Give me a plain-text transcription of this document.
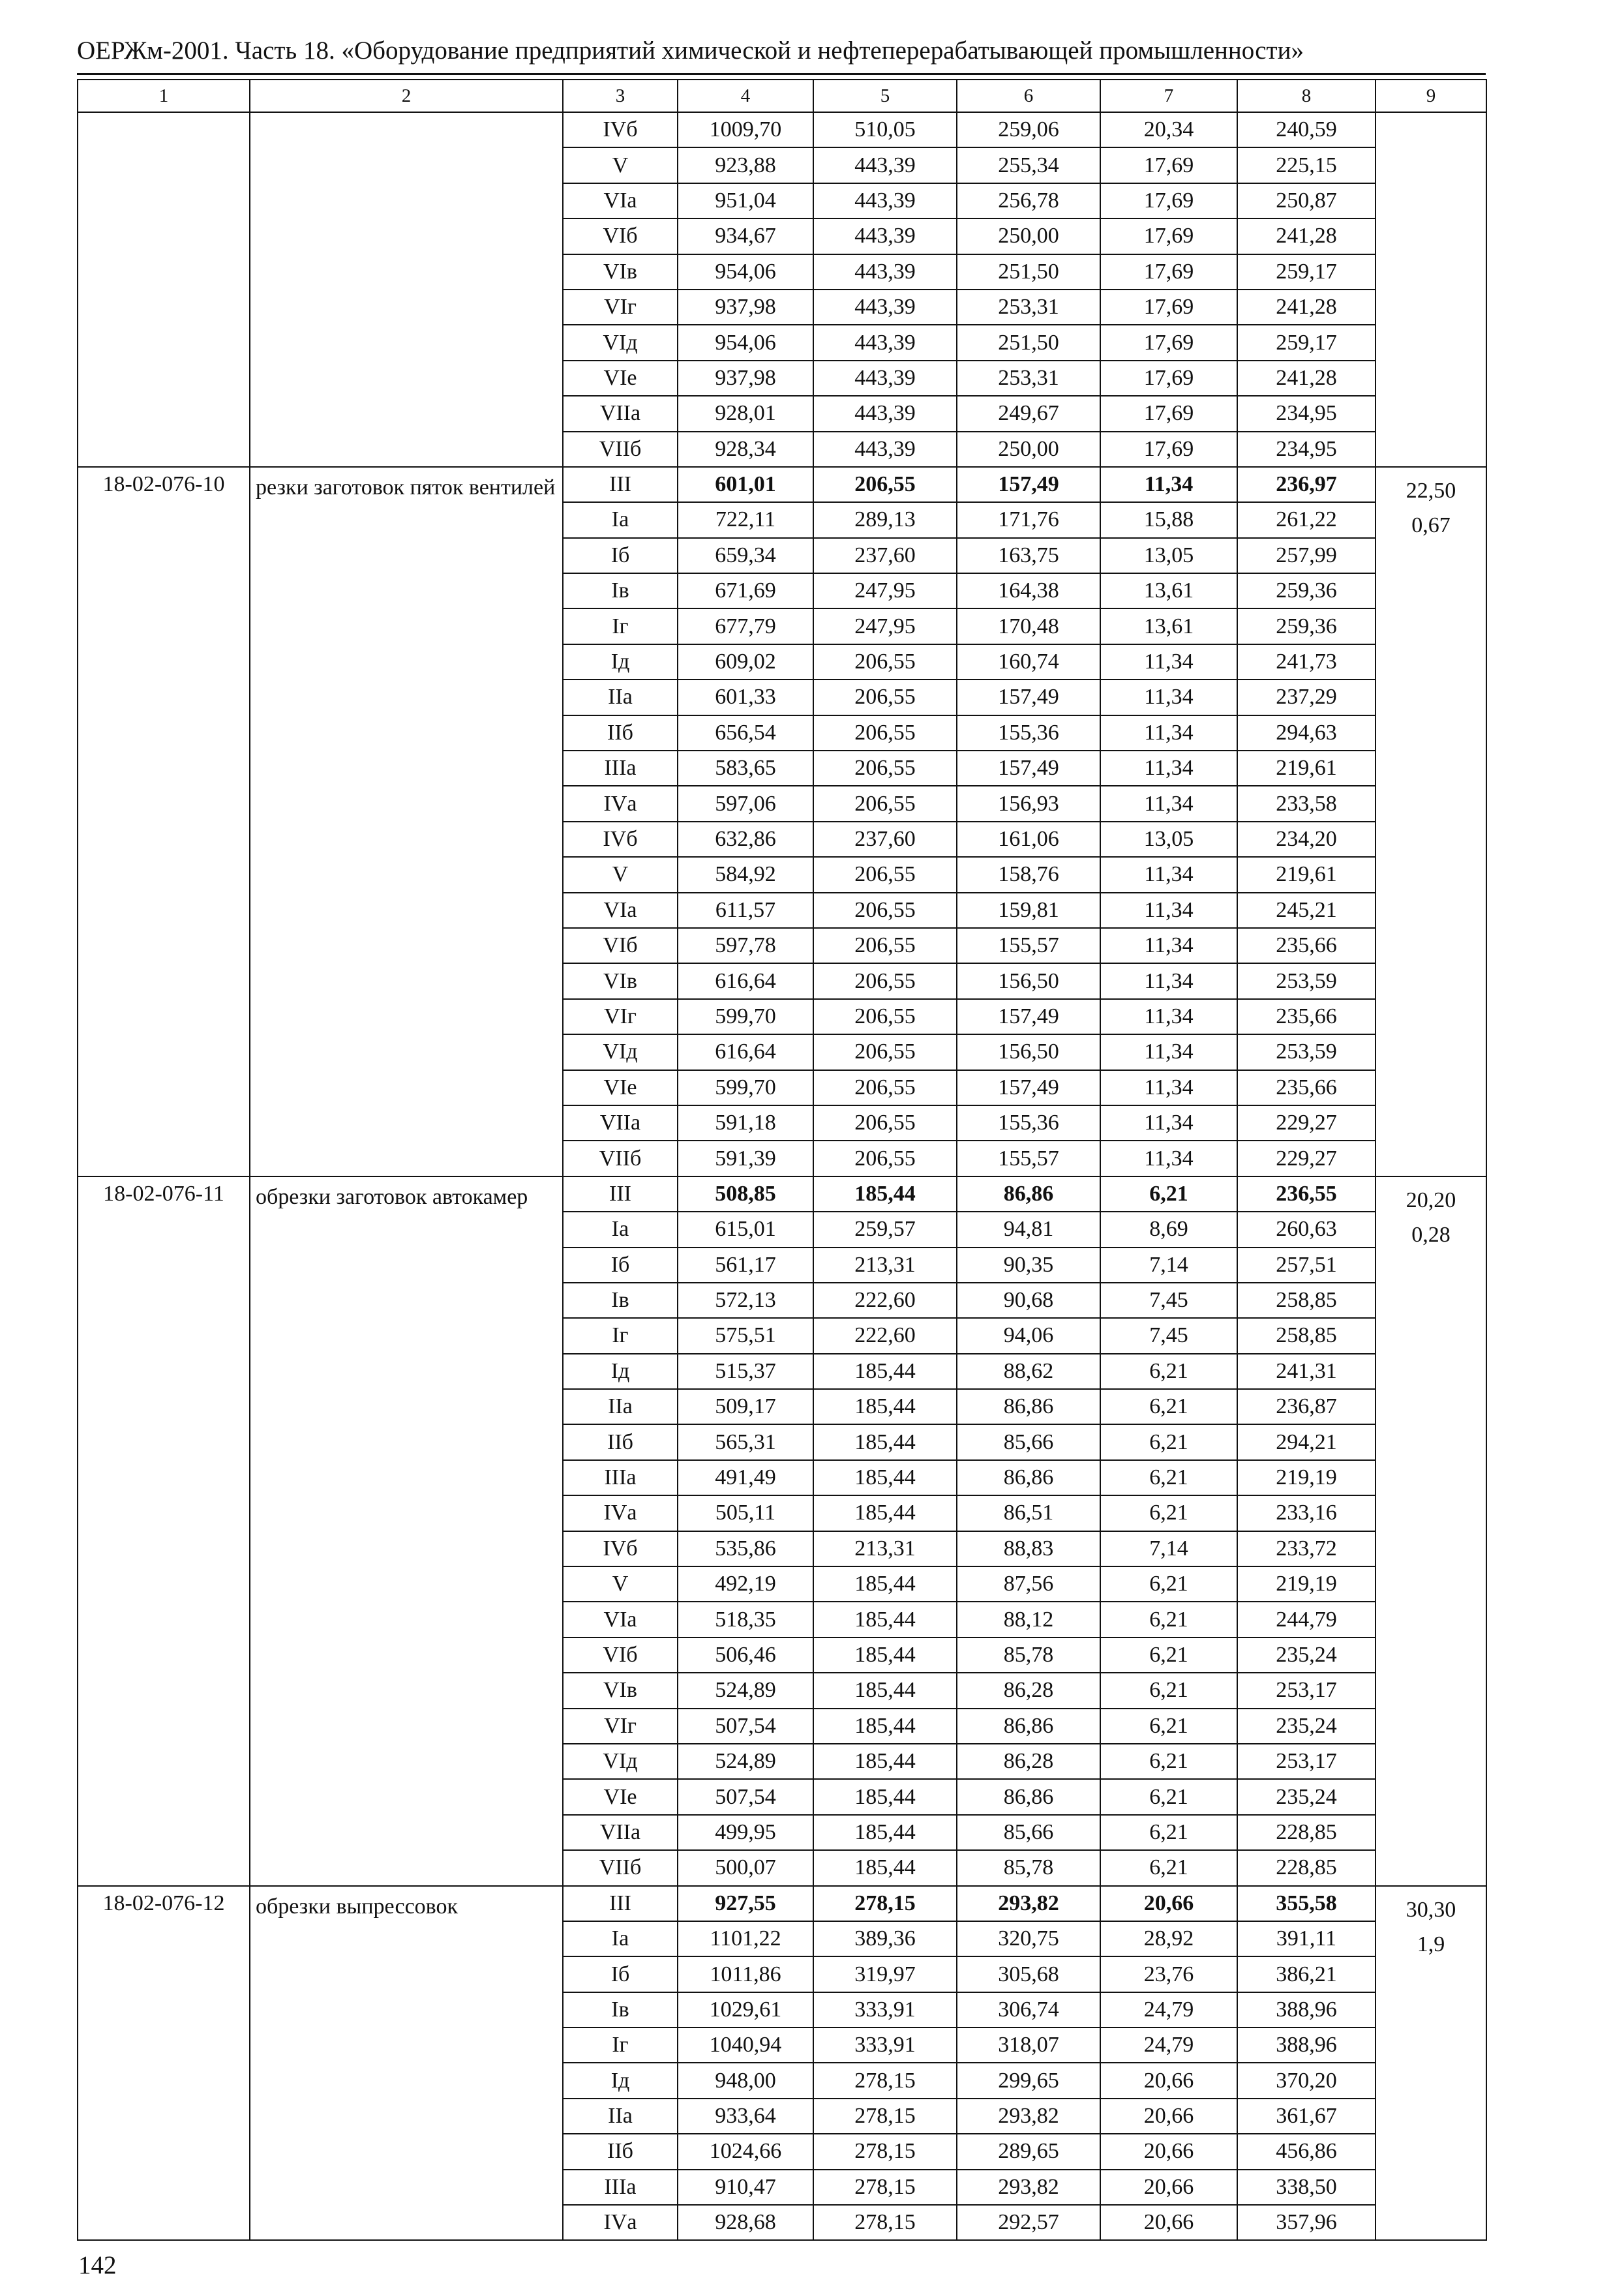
ОЕРЖм-2001. Часть 18. «Оборудование предприятий химической и нефтеперерабатывающей промышленности»
1	2	3	4	5	6	7	8	9
		IVб	1009,70	510,05	259,06	20,34	240,59	
		V	923,88	443,39	255,34	17,69	225,15	
		VIа	951,04	443,39	256,78	17,69	250,87	
		VIб	934,67	443,39	250,00	17,69	241,28	
		VIв	954,06	443,39	251,50	17,69	259,17	
		VIг	937,98	443,39	253,31	17,69	241,28	
		VIд	954,06	443,39	251,50	17,69	259,17	
		VIе	937,98	443,39	253,31	17,69	241,28	
		VIIа	928,01	443,39	249,67	17,69	234,95	
		VIIб	928,34	443,39	250,00	17,69	234,95	
18-02-076-10	резки заготовок пяток вентилей	III	601,01	206,55	157,49	11,34	236,97	22,50
0,67

		Iа	722,11	289,13	171,76	15,88	261,22	
		Iб	659,34	237,60	163,75	13,05	257,99	
		Iв	671,69	247,95	164,38	13,61	259,36	
		Iг	677,79	247,95	170,48	13,61	259,36	
		Iд	609,02	206,55	160,74	11,34	241,73	
		IIа	601,33	206,55	157,49	11,34	237,29	
		IIб	656,54	206,55	155,36	11,34	294,63	
		IIIа	583,65	206,55	157,49	11,34	219,61	
		IVа	597,06	206,55	156,93	11,34	233,58	
		IVб	632,86	237,60	161,06	13,05	234,20	
		V	584,92	206,55	158,76	11,34	219,61	
		VIа	611,57	206,55	159,81	11,34	245,21	
		VIб	597,78	206,55	155,57	11,34	235,66	
		VIв	616,64	206,55	156,50	11,34	253,59	
		VIг	599,70	206,55	157,49	11,34	235,66	
		VIд	616,64	206,55	156,50	11,34	253,59	
		VIе	599,70	206,55	157,49	11,34	235,66	
		VIIа	591,18	206,55	155,36	11,34	229,27	
		VIIб	591,39	206,55	155,57	11,34	229,27	
18-02-076-11	обрезки заготовок автокамер	III	508,85	185,44	86,86	6,21	236,55	20,20
0,28

		Iа	615,01	259,57	94,81	8,69	260,63	
		Iб	561,17	213,31	90,35	7,14	257,51	
		Iв	572,13	222,60	90,68	7,45	258,85	
		Iг	575,51	222,60	94,06	7,45	258,85	
		Iд	515,37	185,44	88,62	6,21	241,31	
		IIа	509,17	185,44	86,86	6,21	236,87	
		IIб	565,31	185,44	85,66	6,21	294,21	
		IIIа	491,49	185,44	86,86	6,21	219,19	
		IVа	505,11	185,44	86,51	6,21	233,16	
		IVб	535,86	213,31	88,83	7,14	233,72	
		V	492,19	185,44	87,56	6,21	219,19	
		VIа	518,35	185,44	88,12	6,21	244,79	
		VIб	506,46	185,44	85,78	6,21	235,24	
		VIв	524,89	185,44	86,28	6,21	253,17	
		VIг	507,54	185,44	86,86	6,21	235,24	
		VIд	524,89	185,44	86,28	6,21	253,17	
		VIе	507,54	185,44	86,86	6,21	235,24	
		VIIа	499,95	185,44	85,66	6,21	228,85	
		VIIб	500,07	185,44	85,78	6,21	228,85	
18-02-076-12	обрезки выпрессовок	III	927,55	278,15	293,82	20,66	355,58	30,30
1,9

		Iа	1101,22	389,36	320,75	28,92	391,11	
		Iб	1011,86	319,97	305,68	23,76	386,21	
		Iв	1029,61	333,91	306,74	24,79	388,96	
		Iг	1040,94	333,91	318,07	24,79	388,96	
		Iд	948,00	278,15	299,65	20,66	370,20	
		IIа	933,64	278,15	293,82	20,66	361,67	
		IIб	1024,66	278,15	289,65	20,66	456,86	
		IIIа	910,47	278,15	293,82	20,66	338,50	
		IVа	928,68	278,15	292,57	20,66	357,96	
142
